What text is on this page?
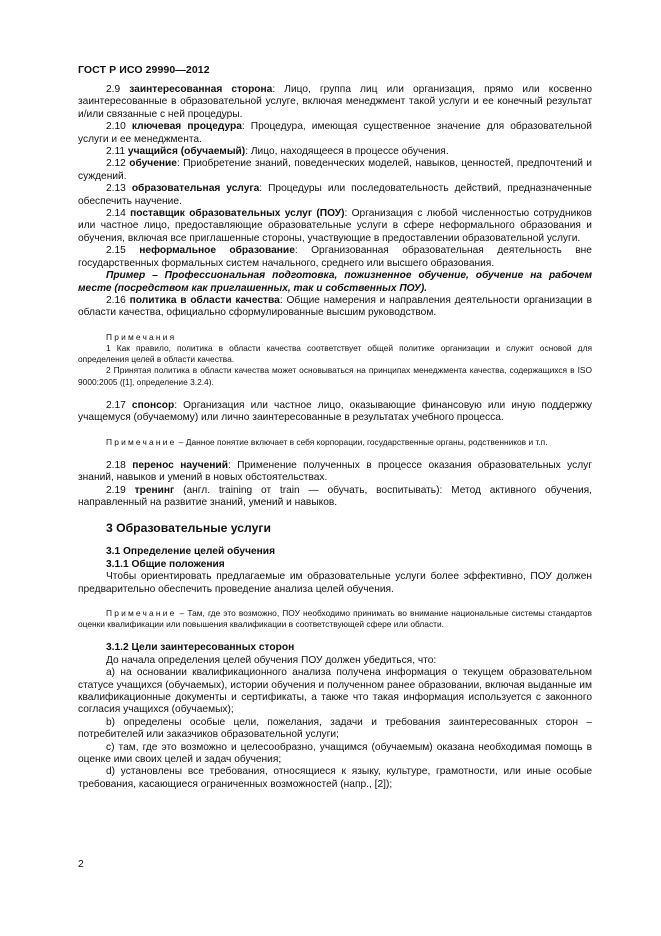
ГОСТ Р ИСО 29990—2012

2.9 заинтересованная сторона: Лицо, группа лиц или организация, прямо или косвенно заинтересованные в образовательной услуге, включая менеджмент такой услуги и ее конечный результат и/или связанные с ней процедуры.

2.10 ключевая процедура: Процедура, имеющая существенное значение для образовательной услуги и ее менеджмента.

2.11 учащийся (обучаемый): Лицо, находящееся в процессе обучения.

2.12 обучение: Приобретение знаний, поведенческих моделей, навыков, ценностей, предпочтений и суждений.

2.13 образовательная услуга: Процедуры или последовательность действий, предназначенные обеспечить научение.

2.14 поставщик образовательных услуг (ПОУ): Организация с любой численностью сотрудников или частное лицо, предоставляющие образовательные услуги в сфере неформального образования и обучения, включая все приглашенные стороны, участвующие в предоставлении образовательной услуги.

2.15 неформальное образование: Организованная образовательная деятельность вне государственных формальных систем начального, среднего или высшего образования.

Пример – Профессиональная подготовка, пожизненное обучение, обучение на рабочем месте (посредством как приглашенных, так и собственных ПОУ).

2.16 политика в области качества: Общие намерения и направления деятельности организации в области качества, официально сформулированные высшим руководством.

Примечания

1 Как правило, политика в области качества соответствует общей политике организации и служит основой для определения целей в области качества.

2 Принятая политика в области качества может основываться на принципах менеджмента качества, содержащихся в ISO 9000:2005 ([1], определение 3.2.4).

2.17 спонсор: Организация или частное лицо, оказывающие финансовую или иную поддержку учащемуся (обучаемому) или лично заинтересованные в результатах учебного процесса.

Примечание – Данное понятие включает в себя корпорации, государственные органы, родственников и т.п.

2.18 перенос научений: Применение полученных в процессе оказания образовательных услуг знаний, навыков и умений в новых обстоятельствах.

2.19 тренинг (англ. training от train — обучать, воспитывать): Метод активного обучения, направленный на развитие знаний, умений и навыков.

3 Образовательные услуги

3.1 Определение целей обучения

3.1.1 Общие положения

Чтобы ориентировать предлагаемые им образовательные услуги более эффективно, ПОУ должен предварительно обеспечить проведение анализа целей обучения.

Примечание – Там, где это возможно, ПОУ необходимо принимать во внимание национальные системы стандартов оценки квалификации или повышения квалификации в соответствующей сфере или области.

3.1.2 Цели заинтересованных сторон

До начала определения целей обучения ПОУ должен убедиться, что:

a) на основании квалификационного анализа получена информация о текущем образовательном статусе учащихся (обучаемых), истории обучения и полученном ранее образовании, включая выданные им квалификационные документы и сертификаты, а также что такая информация используется с законного согласия учащихся (обучаемых);

b) определены особые цели, пожелания, задачи и требования заинтересованных сторон – потребителей или заказчиков образовательной услуги;

c) там, где это возможно и целесообразно, учащимся (обучаемым) оказана необходимая помощь в оценке ими своих целей и задач обучения;

d) установлены все требования, относящиеся к языку, культуре, грамотности, или иные особые требования, касающиеся ограниченных возможностей (напр., [2]);

2
